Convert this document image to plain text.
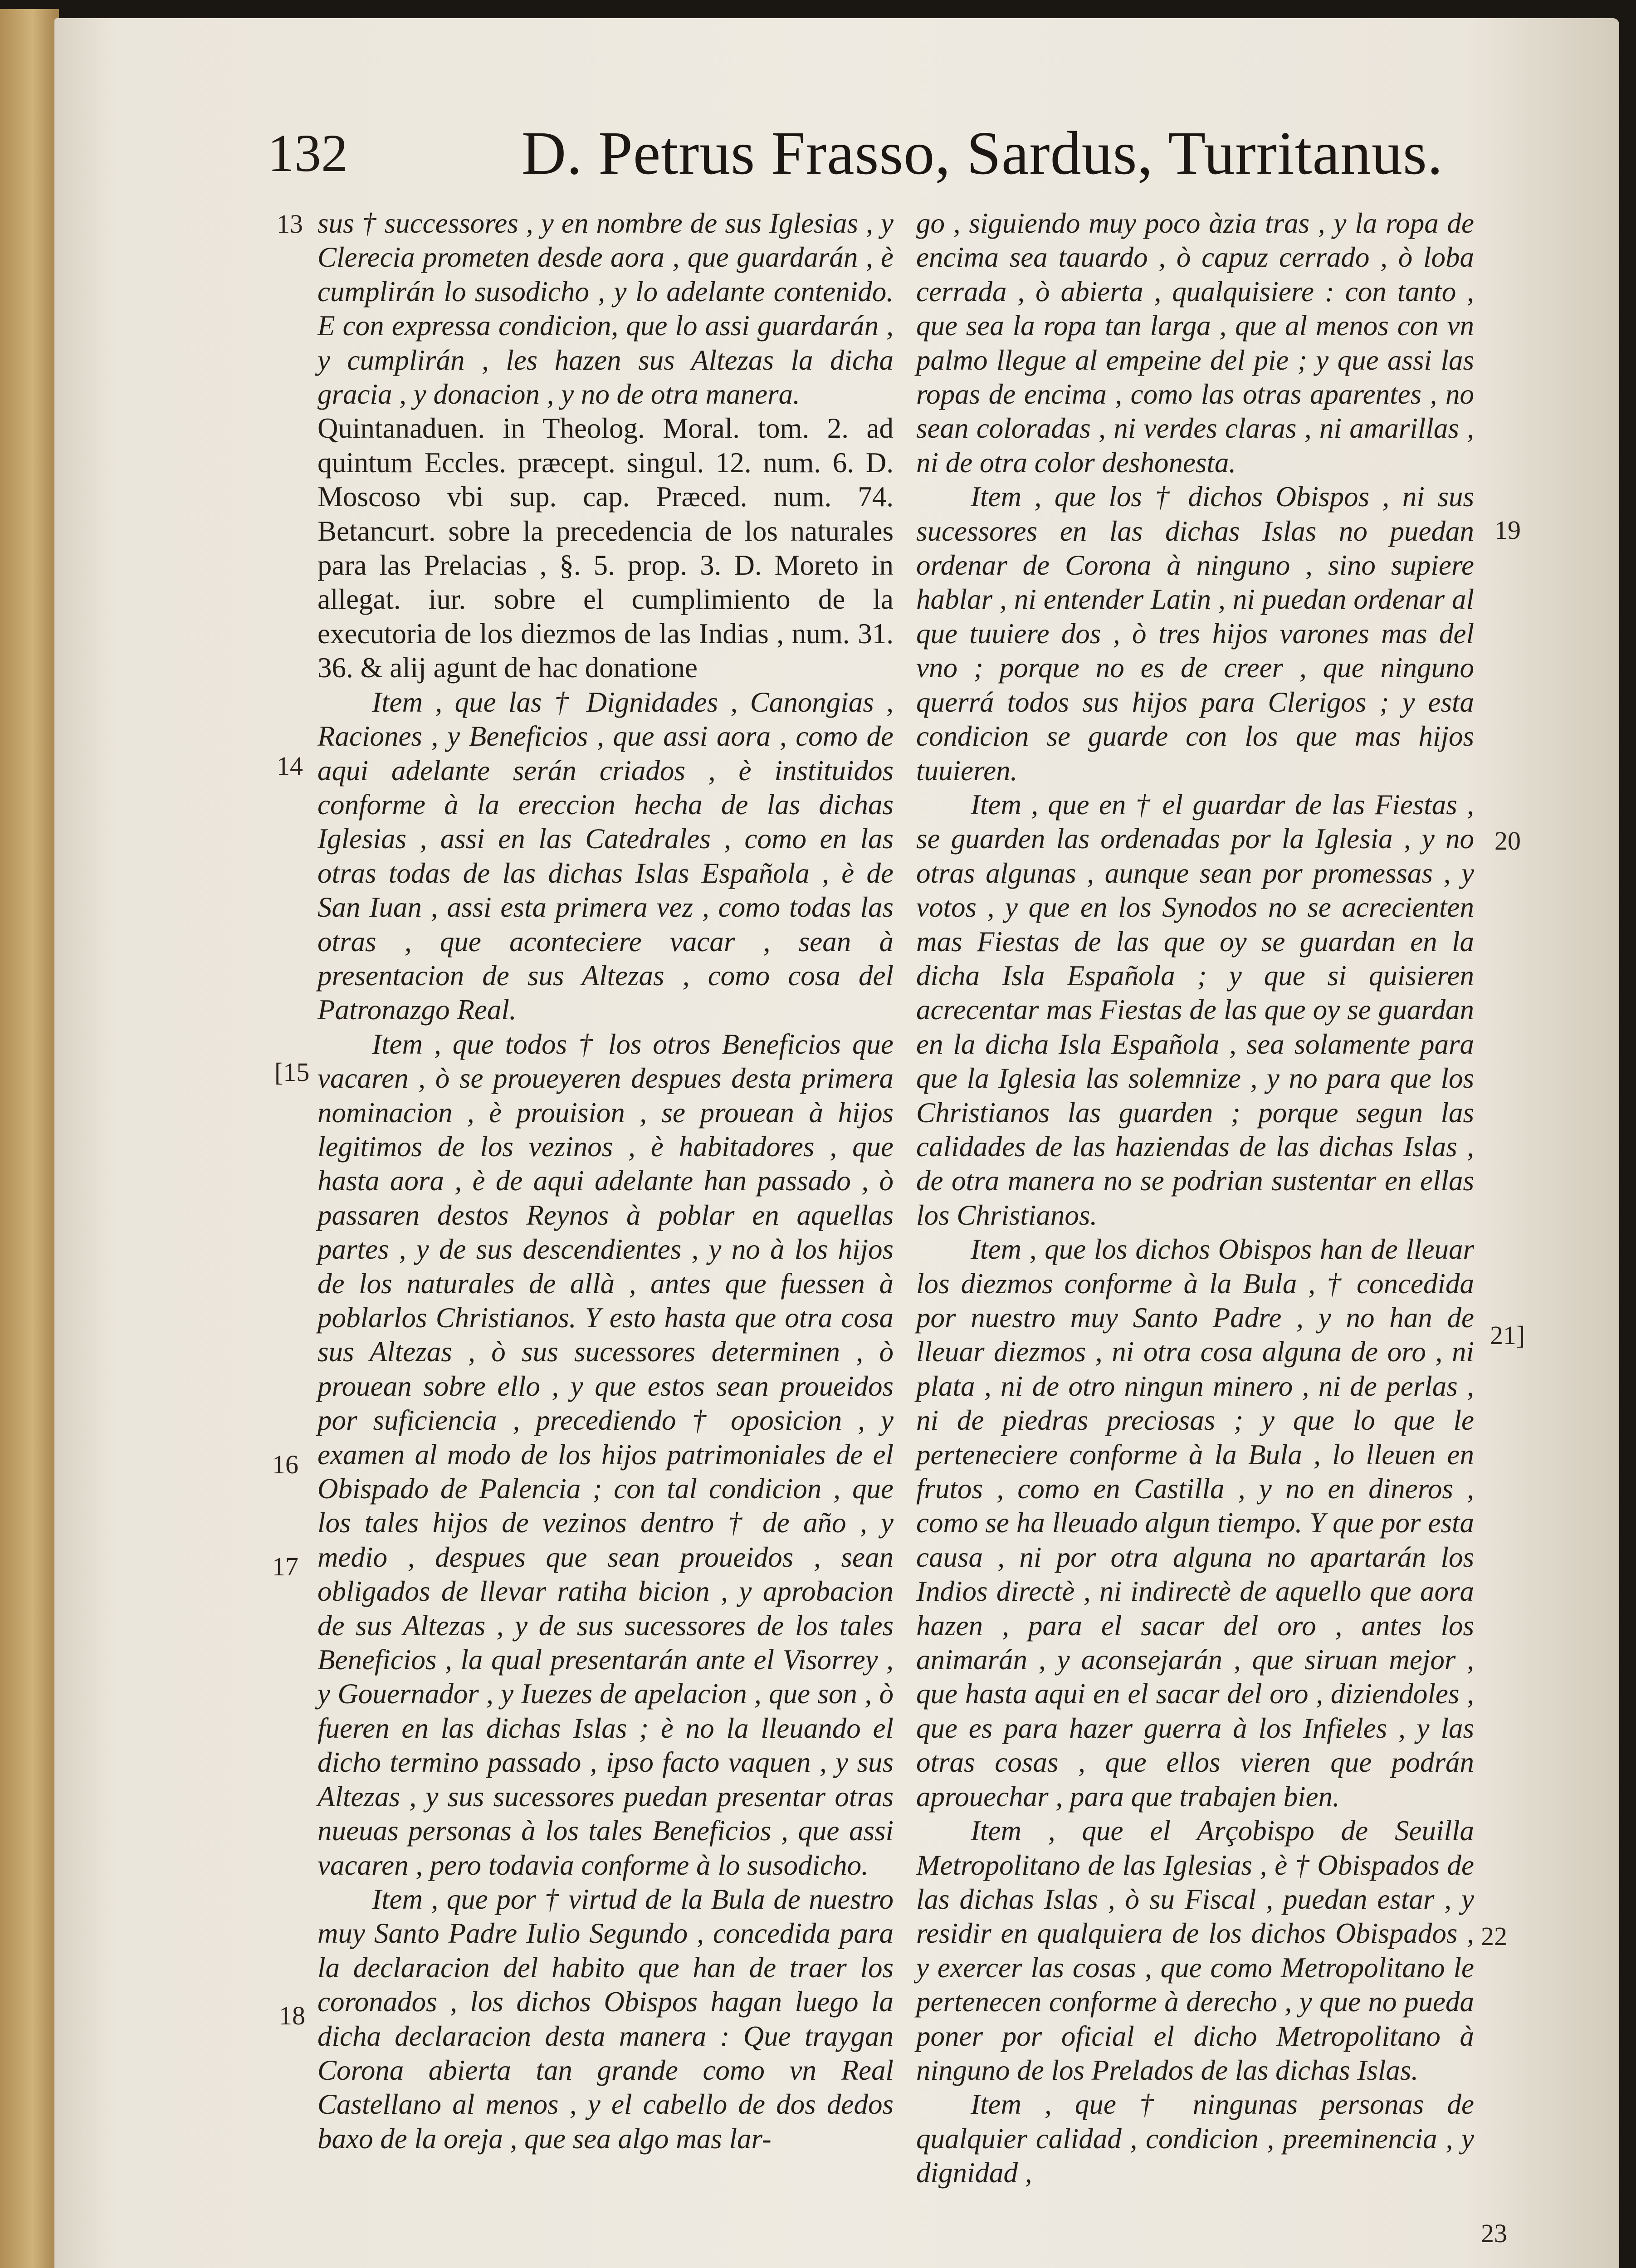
132	D. Petrus Frasso, Sardus, Turritanus.

sus † successores , y en nombre de sus Iglesias , y Clerecia prometen desde aora , que guardarán , è cumplirán lo susodicho , y lo adelante contenido. E con expressa condicion, que lo assi guardarán , y cumplirán , les hazen sus Altezas la dicha gracia , y donacion , y no de otra manera.

Quintanaduen. in Theolog. Moral. tom. 2. ad quintum Eccles. præcept. singul. 12. num. 6. D. Moscoso vbi sup. cap. Præced. num. 74. Betancurt. sobre la precedencia de los naturales para las Prelacias , §. 5. prop. 3. D. Moreto in allegat. iur. sobre el cumplimiento de la executoria de los diezmos de las Indias , num. 31. 36. & alij agunt de hac donatione

Item , que las † Dignidades , Canongias , Raciones , y Beneficios , que assi aora , como de aqui adelante serán criados , è instituidos conforme à la ereccion hecha de las dichas Iglesias , assi en las Catedrales , como en las otras todas de las dichas Islas Española , è de San Iuan , assi esta primera vez , como todas las otras , que aconteciere vacar , sean à presentacion de sus Altezas , como cosa del Patronazgo Real.

Item , que todos † los otros Beneficios que vacaren , ò se proueyeren despues desta primera nominacion , è prouision , se prouean à hijos legitimos de los vezinos , è habitadores , que hasta aora , è de aqui adelante han passado , ò passaren destos Reynos à poblar en aquellas partes , y de sus descendientes , y no à los hijos de los naturales de allà , antes que fuessen à poblarlos Christianos. Y esto hasta que otra cosa sus Altezas , ò sus sucessores determinen , ò prouean sobre ello , y que estos sean proueidos por suficiencia , precediendo † oposicion , y examen al modo de los hijos patrimoniales de el Obispado de Palencia ; con tal condicion , que los tales hijos de vezinos dentro † de año , y medio , despues que sean proueidos , sean obligados de llevar ratiha bicion , y aprobacion de sus Altezas , y de sus sucessores de los tales Beneficios , la qual presentarán ante el Visorrey , y Gouernador , y Iuezes de apelacion , que son , ò fueren en las dichas Islas ; è no la lleuando el dicho termino passado , ipso facto vaquen , y sus Altezas , y sus sucessores puedan presentar otras nueuas personas à los tales Beneficios , que assi vacaren , pero todavia conforme à lo susodicho.

Item , que por † virtud de la Bula de nuestro muy Santo Padre Iulio Segundo , concedida para la declaracion del habito que han de traer los coronados , los dichos Obispos hagan luego la dicha declaracion desta manera : Que traygan Corona abierta tan grande como vn Real Castellano al menos , y el cabello de dos dedos baxo de la oreja , que sea algo mas lar-

go , siguiendo muy poco àzia tras , y la ropa de encima sea tauardo , ò capuz cerrado , ò loba cerrada , ò abierta , qualquisiere : con tanto , que sea la ropa tan larga , que al menos con vn palmo llegue al empeine del pie ; y que assi las ropas de encima , como las otras aparentes , no sean coloradas , ni verdes claras , ni amarillas , ni de otra color deshonesta.

Item , que los † dichos Obispos , ni sus sucessores en las dichas Islas no puedan ordenar de Corona à ninguno , sino supiere hablar , ni entender Latin , ni puedan ordenar al que tuuiere dos , ò tres hijos varones mas del vno ; porque no es de creer , que ninguno querrá todos sus hijos para Clerigos ; y esta condicion se guarde con los que mas hijos tuuieren.

Item , que en † el guardar de las Fiestas , se guarden las ordenadas por la Iglesia , y no otras algunas , aunque sean por promessas , y votos , y que en los Synodos no se acrecienten mas Fiestas de las que oy se guardan en la dicha Isla Española ; y que si quisieren acrecentar mas Fiestas de las que oy se guardan en la dicha Isla Española , sea solamente para que la Iglesia las solemnize , y no para que los Christianos las guarden ; porque segun las calidades de las haziendas de las dichas Islas , de otra manera no se podrian sustentar en ellas los Christianos.

Item , que los dichos Obispos han de lleuar los diezmos conforme à la Bula , † concedida por nuestro muy Santo Padre , y no han de lleuar diezmos , ni otra cosa alguna de oro , ni plata , ni de otro ningun minero , ni de perlas , ni de piedras preciosas ; y que lo que le perteneciere conforme à la Bula , lo lleuen en frutos , como en Castilla , y no en dineros , como se ha lleuado algun tiempo. Y que por esta causa , ni por otra alguna no apartarán los Indios directè , ni indirectè de aquello que aora hazen , para el sacar del oro , antes los animarán , y aconsejarán , que siruan mejor , que hasta aqui en el sacar del oro , diziendoles , que es para hazer guerra à los Infieles , y las otras cosas , que ellos vieren que podrán aprouechar , para que trabajen bien.

Item , que el Arçobispo de Seuilla Metropolitano de las Iglesias , è † Obispados de las dichas Islas , ò su Fiscal , puedan estar , y residir en qualquiera de los dichos Obispados , y exercer las cosas , que como Metropolitano le pertenecen conforme à derecho , y que no pueda poner por oficial el dicho Metropolitano à ninguno de los Prelados de las dichas Islas.

Item , que † ningunas personas de qualquier calidad , condicion , preeminencia , y dignidad ,

13
14
[15
16
17
18
19
20
21]
22
23
